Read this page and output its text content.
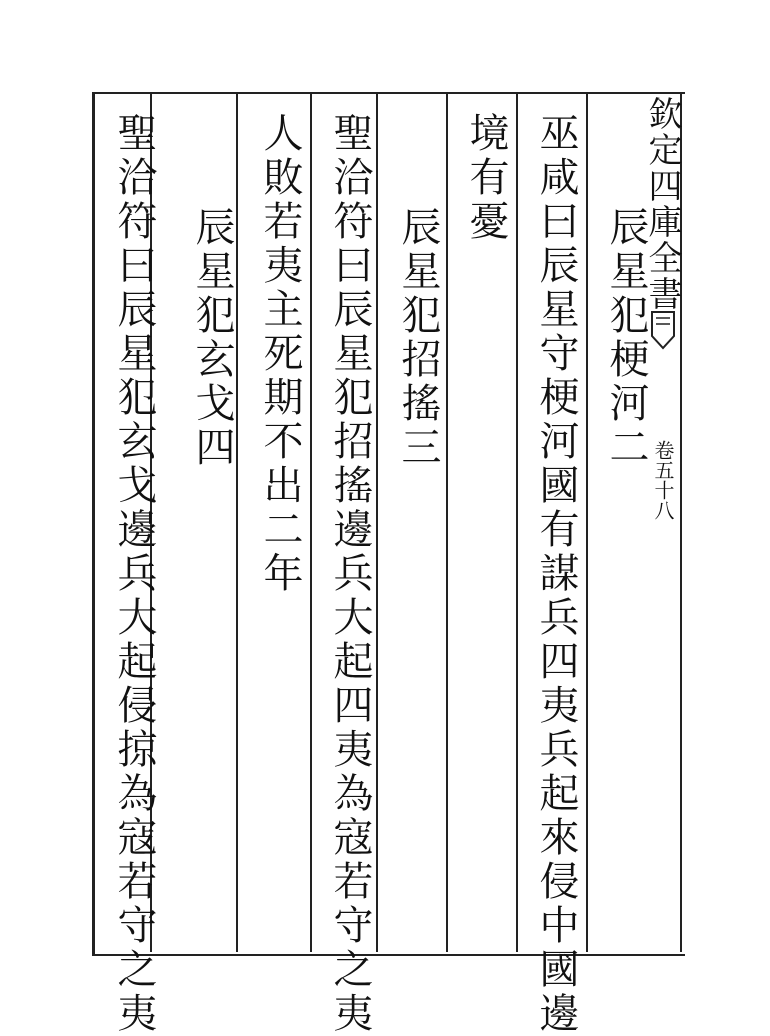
欽定四庫全書
卷五十八
辰星犯梗河二
巫咸曰辰星守梗河國有謀兵四夷兵起來侵中國邊
境有憂
辰星犯招搖三
聖洽符曰辰星犯招搖邊兵大起四夷為寇若守之夷
人敗若夷主死期不出二年
辰星犯玄戈四
聖洽符曰辰星犯玄戈邊兵大起侵掠為寇若守之夷
